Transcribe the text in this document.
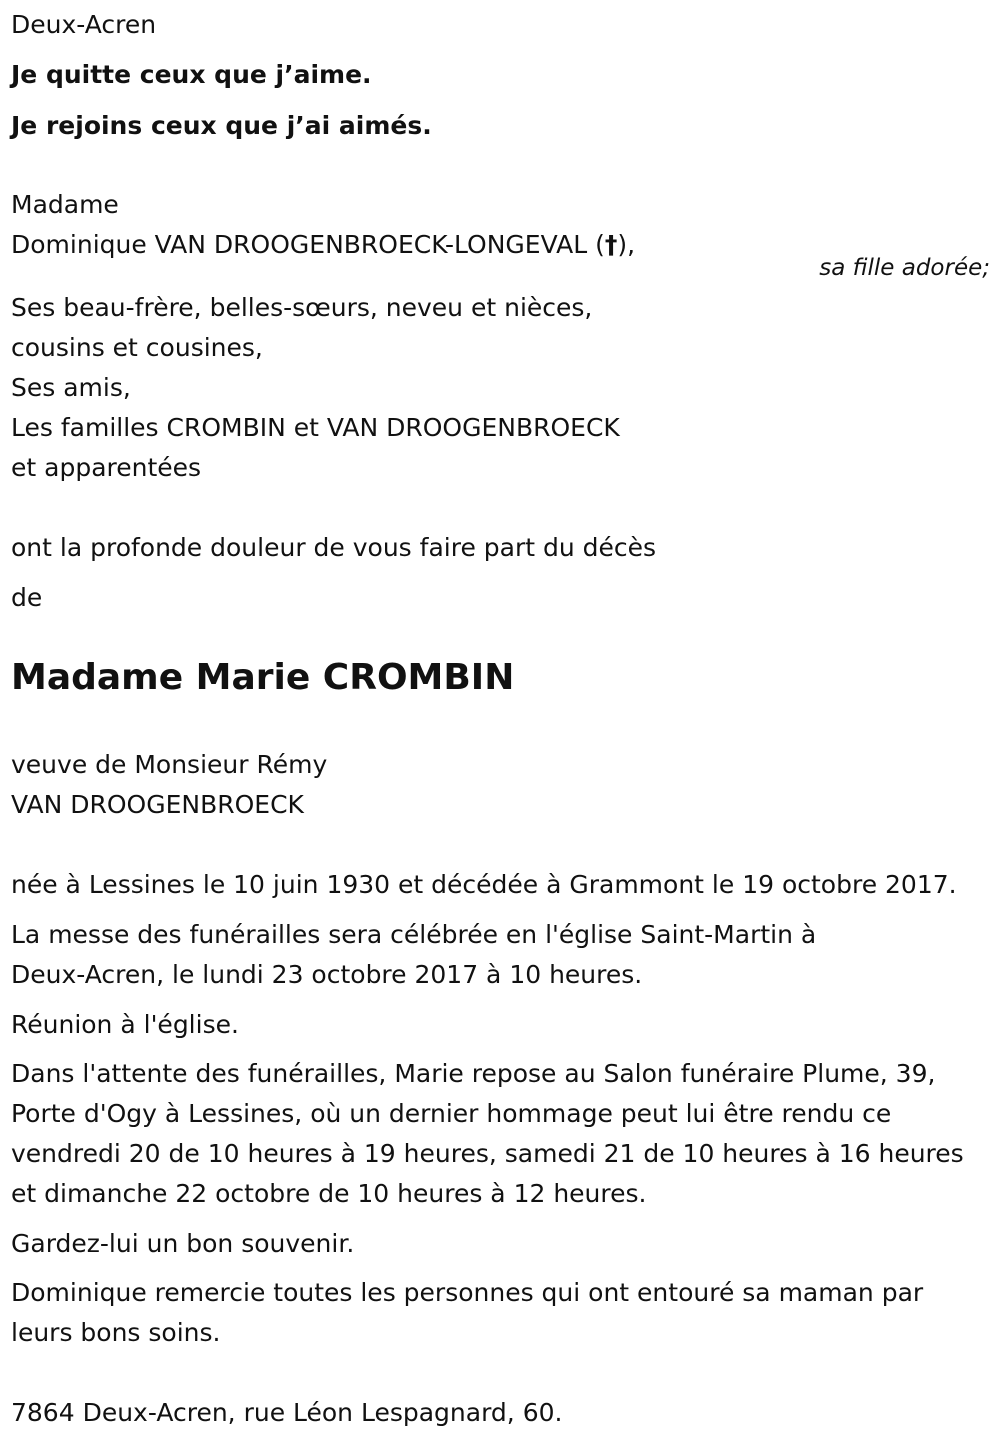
Deux-Acren
Je quitte ceux que j’aime.
Je rejoins ceux que j’ai aimés.
Madame
Dominique VAN DROOGENBROECK-LONGEVAL (†),
sa fille adorée;
Ses beau-frère, belles-sœurs, neveu et nièces,
cousins et cousines,
Ses amis,
Les familles CROMBIN et VAN DROOGENBROECK
et apparentées
ont la profonde douleur de vous faire part du décès
de
Madame Marie CROMBIN
veuve de Monsieur Rémy
VAN DROOGENBROECK
née à Lessines le 10 juin 1930 et décédée à Grammont le 19 octobre 2017.
La messe des funérailles sera célébrée en l'église Saint-Martin à
Deux-Acren, le lundi 23 octobre 2017 à 10 heures.
Réunion à l'église.
Dans l'attente des funérailles, Marie repose au Salon funéraire Plume, 39,
Porte d'Ogy à Lessines, où un dernier hommage peut lui être rendu ce
vendredi 20 de 10 heures à 19 heures, samedi 21 de 10 heures à 16 heures
et dimanche 22 octobre de 10 heures à 12 heures.
Gardez-lui un bon souvenir.
Dominique remercie toutes les personnes qui ont entouré sa maman par
leurs bons soins.
7864 Deux-Acren, rue Léon Lespagnard, 60.
